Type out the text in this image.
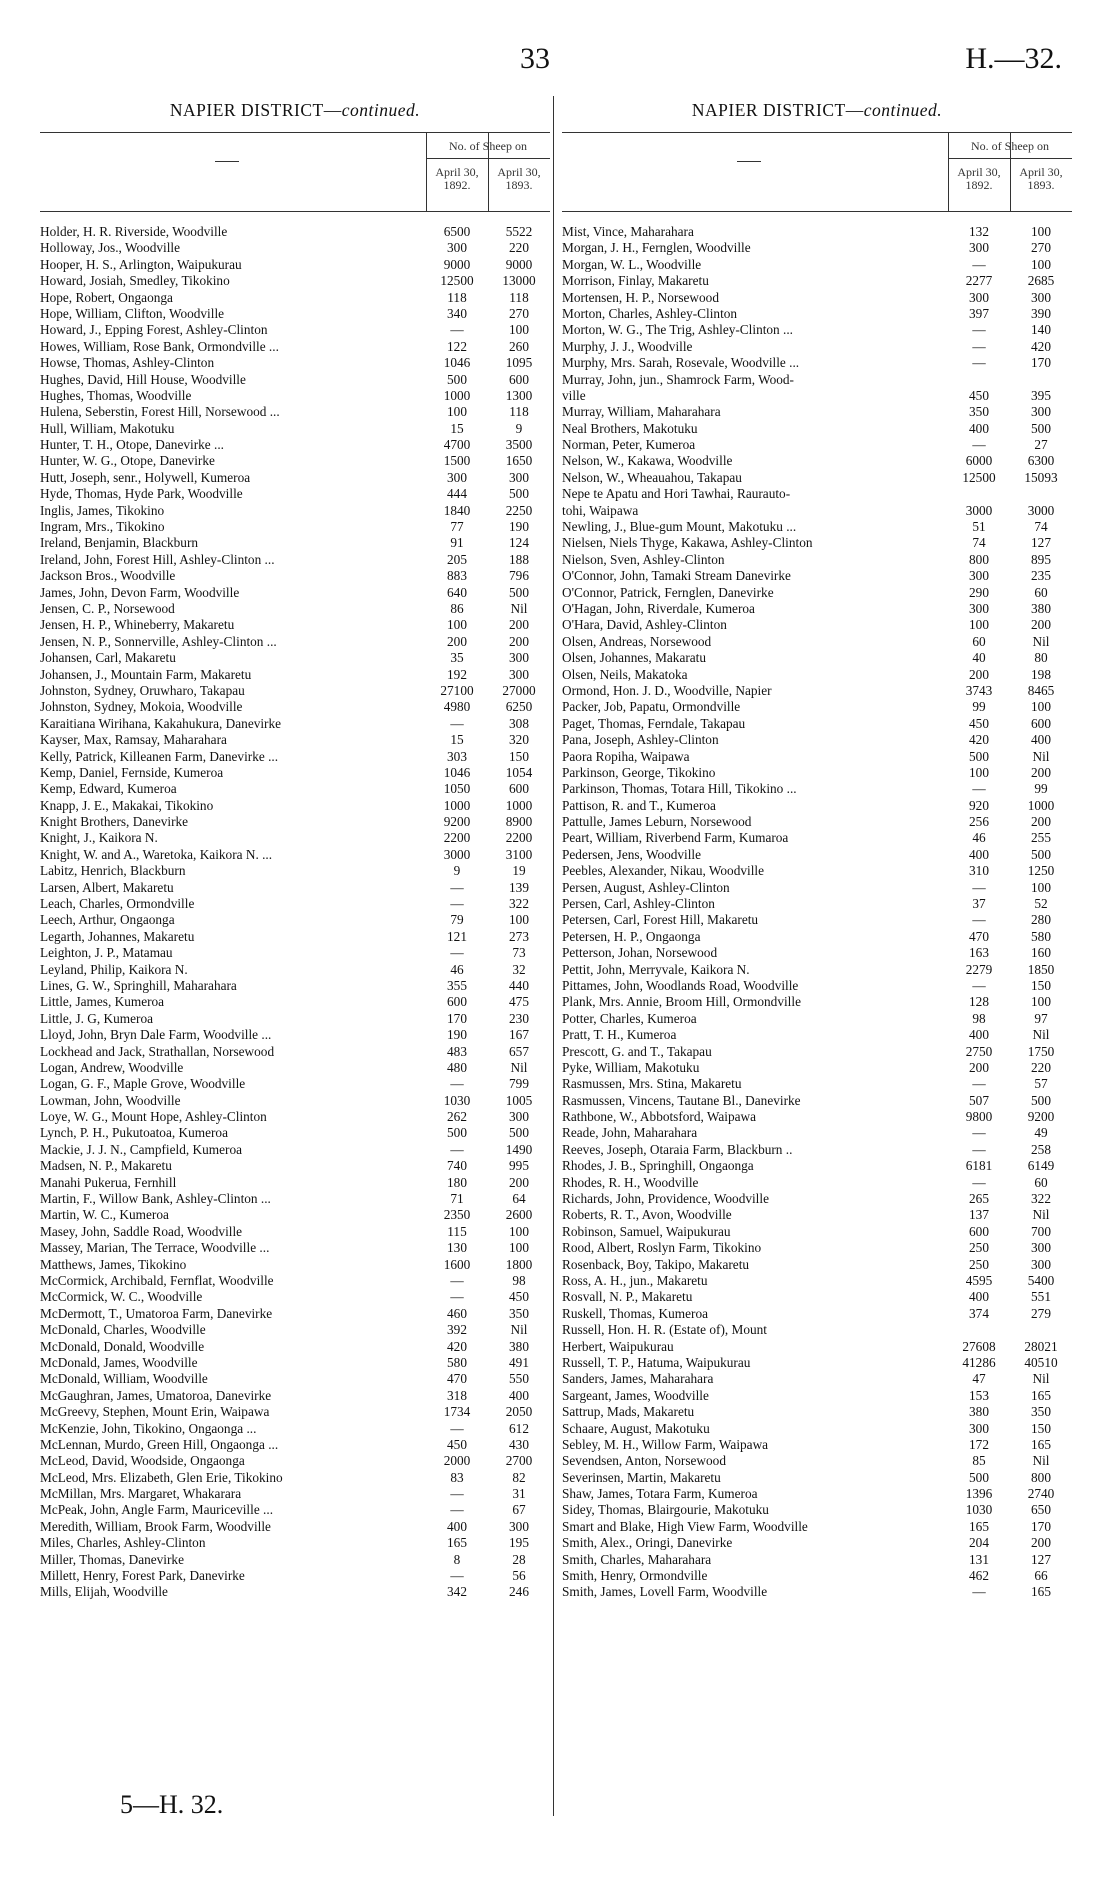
33	H.—32.
NAPIER DISTRICT—continued.
No. of Sheep on
April 30, 1892.
April 30, 1893.
Holder, H. R. Riverside, Woodville	6500	5522
Holloway, Jos., Woodville	300	220
Hooper, H. S., Arlington, Waipukurau	9000	9000
Howard, Josiah, Smedley, Tikokino	12500	13000
Hope, Robert, Ongaonga	118	118
Hope, William, Clifton, Woodville	340	270
Howard, J., Epping Forest, Ashley-Clinton	—	100
Howes, William, Rose Bank, Ormondville ...	122	260
Howse, Thomas, Ashley-Clinton	1046	1095
Hughes, David, Hill House, Woodville	500	600
Hughes, Thomas, Woodville	1000	1300
Hulena, Seberstin, Forest Hill, Norsewood ...	100	118
Hull, William, Makotuku	15	9
Hunter, T. H., Otope, Danevirke ...	4700	3500
Hunter, W. G., Otope, Danevirke	1500	1650
Hutt, Joseph, senr., Holywell, Kumeroa	300	300
Hyde, Thomas, Hyde Park, Woodville	444	500
Inglis, James, Tikokino	1840	2250
Ingram, Mrs., Tikokino	77	190
Ireland, Benjamin, Blackburn	91	124
Ireland, John, Forest Hill, Ashley-Clinton ...	205	188
Jackson Bros., Woodville	883	796
James, John, Devon Farm, Woodville	640	500
Jensen, C. P., Norsewood	86	Nil
Jensen, H. P., Whineberry, Makaretu	100	200
Jensen, N. P., Sonnerville, Ashley-Clinton ...	200	200
Johansen, Carl, Makaretu	35	300
Johansen, J., Mountain Farm, Makaretu	192	300
Johnston, Sydney, Oruwharo, Takapau	27100	27000
Johnston, Sydney, Mokoia, Woodville	4980	6250
Karaitiana Wirihana, Kakahukura, Danevirke	—	308
Kayser, Max, Ramsay, Maharahara	15	320
Kelly, Patrick, Killeanen Farm, Danevirke ...	303	150
Kemp, Daniel, Fernside, Kumeroa	1046	1054
Kemp, Edward, Kumeroa	1050	600
Knapp, J. E., Makakai, Tikokino	1000	1000
Knight Brothers, Danevirke	9200	8900
Knight, J., Kaikora N.	2200	2200
Knight, W. and A., Waretoka, Kaikora N. ...	3000	3100
Labitz, Henrich, Blackburn	9	19
Larsen, Albert, Makaretu	—	139
Leach, Charles, Ormondville	—	322
Leech, Arthur, Ongaonga	79	100
Legarth, Johannes, Makaretu	121	273
Leighton, J. P., Matamau	—	73
Leyland, Philip, Kaikora N.	46	32
Lines, G. W., Springhill, Maharahara	355	440
Little, James, Kumeroa	600	475
Little, J. G, Kumeroa	170	230
Lloyd, John, Bryn Dale Farm, Woodville ...	190	167
Lockhead and Jack, Strathallan, Norsewood	483	657
Logan, Andrew, Woodville	480	Nil
Logan, G. F., Maple Grove, Woodville	—	799
Lowman, John, Woodville	1030	1005
Loye, W. G., Mount Hope, Ashley-Clinton	262	300
Lynch, P. H., Pukutoatoa, Kumeroa	500	500
Mackie, J. J. N., Campfield, Kumeroa	—	1490
Madsen, N. P., Makaretu	740	995
Manahi Pukerua, Fernhill	180	200
Martin, F., Willow Bank, Ashley-Clinton ...	71	64
Martin, W. C., Kumeroa	2350	2600
Masey, John, Saddle Road, Woodville	115	100
Massey, Marian, The Terrace, Woodville ...	130	100
Matthews, James, Tikokino	1600	1800
McCormick, Archibald, Fernflat, Woodville	—	98
McCormick, W. C., Woodville	—	450
McDermott, T., Umatoroa Farm, Danevirke	460	350
McDonald, Charles, Woodville	392	Nil
McDonald, Donald, Woodville	420	380
McDonald, James, Woodville	580	491
McDonald, William, Woodville	470	550
McGaughran, James, Umatoroa, Danevirke	318	400
McGreevy, Stephen, Mount Erin, Waipawa	1734	2050
McKenzie, John, Tikokino, Ongaonga ...	—	612
McLennan, Murdo, Green Hill, Ongaonga ...	450	430
McLeod, David, Woodside, Ongaonga	2000	2700
McLeod, Mrs. Elizabeth, Glen Erie, Tikokino	83	82
McMillan, Mrs. Margaret, Whakarara	—	31
McPeak, John, Angle Farm, Mauriceville ...	—	67
Meredith, William, Brook Farm, Woodville	400	300
Miles, Charles, Ashley-Clinton	165	195
Miller, Thomas, Danevirke	8	28
Millett, Henry, Forest Park, Danevirke	—	56
Mills, Elijah, Woodville	342	246
NAPIER DISTRICT—continued.
No. of Sheep on
April 30, 1892.
April 30, 1893.
Mist, Vince, Maharahara	132	100
Morgan, J. H., Fernglen, Woodville	300	270
Morgan, W. L., Woodville	—	100
Morrison, Finlay, Makaretu	2277	2685
Mortensen, H. P., Norsewood	300	300
Morton, Charles, Ashley-Clinton	397	390
Morton, W. G., The Trig, Ashley-Clinton ...	—	140
Murphy, J. J., Woodville	—	420
Murphy, Mrs. Sarah, Rosevale, Woodville ...	—	170
Murray, John, jun., Shamrock Farm, Wood-
ville	450	395
Murray, William, Maharahara	350	300
Neal Brothers, Makotuku	400	500
Norman, Peter, Kumeroa	—	27
Nelson, W., Kakawa, Woodville	6000	6300
Nelson, W., Wheauahou, Takapau	12500	15093
Nepe te Apatu and Hori Tawhai, Raurauto-
tohi, Waipawa	3000	3000
Newling, J., Blue-gum Mount, Makotuku ...	51	74
Nielsen, Niels Thyge, Kakawa, Ashley-Clinton	74	127
Nielson, Sven, Ashley-Clinton	800	895
O'Connor, John, Tamaki Stream Danevirke	300	235
O'Connor, Patrick, Fernglen, Danevirke	290	60
O'Hagan, John, Riverdale, Kumeroa	300	380
O'Hara, David, Ashley-Clinton	100	200
Olsen, Andreas, Norsewood	60	Nil
Olsen, Johannes, Makaratu	40	80
Olsen, Neils, Makatoka	200	198
Ormond, Hon. J. D., Woodville, Napier	3743	8465
Packer, Job, Papatu, Ormondville	99	100
Paget, Thomas, Ferndale, Takapau	450	600
Pana, Joseph, Ashley-Clinton	420	400
Paora Ropiha, Waipawa	500	Nil
Parkinson, George, Tikokino	100	200
Parkinson, Thomas, Totara Hill, Tikokino ...	—	99
Pattison, R. and T., Kumeroa	920	1000
Pattulle, James Leburn, Norsewood	256	200
Peart, William, Riverbend Farm, Kumaroa	46	255
Pedersen, Jens, Woodville	400	500
Peebles, Alexander, Nikau, Woodville	310	1250
Persen, August, Ashley-Clinton	—	100
Persen, Carl, Ashley-Clinton	37	52
Petersen, Carl, Forest Hill, Makaretu	—	280
Petersen, H. P., Ongaonga	470	580
Petterson, Johan, Norsewood	163	160
Pettit, John, Merryvale, Kaikora N.	2279	1850
Pittames, John, Woodlands Road, Woodville	—	150
Plank, Mrs. Annie, Broom Hill, Ormondville	128	100
Potter, Charles, Kumeroa	98	97
Pratt, T. H., Kumeroa	400	Nil
Prescott, G. and T., Takapau	2750	1750
Pyke, William, Makotuku	200	220
Rasmussen, Mrs. Stina, Makaretu	—	57
Rasmussen, Vincens, Tautane Bl., Danevirke	507	500
Rathbone, W., Abbotsford, Waipawa	9800	9200
Reade, John, Maharahara	—	49
Reeves, Joseph, Otaraia Farm, Blackburn ..	—	258
Rhodes, J. B., Springhill, Ongaonga	6181	6149
Rhodes, R. H., Woodville	—	60
Richards, John, Providence, Woodville	265	322
Roberts, R. T., Avon, Woodville	137	Nil
Robinson, Samuel, Waipukurau	600	700
Rood, Albert, Roslyn Farm, Tikokino	250	300
Rosenback, Boy, Takipo, Makaretu	250	300
Ross, A. H., jun., Makaretu	4595	5400
Rosvall, N. P., Makaretu	400	551
Ruskell, Thomas, Kumeroa	374	279
Russell, Hon. H. R. (Estate of), Mount
Herbert, Waipukurau	27608	28021
Russell, T. P., Hatuma, Waipukurau	41286	40510
Sanders, James, Maharahara	47	Nil
Sargeant, James, Woodville	153	165
Sattrup, Mads, Makaretu	380	350
Schaare, August, Makotuku	300	150
Sebley, M. H., Willow Farm, Waipawa	172	165
Sevendsen, Anton, Norsewood	85	Nil
Severinsen, Martin, Makaretu	500	800
Shaw, James, Totara Farm, Kumeroa	1396	2740
Sidey, Thomas, Blairgourie, Makotuku	1030	650
Smart and Blake, High View Farm, Woodville	165	170
Smith, Alex., Oringi, Danevirke	204	200
Smith, Charles, Maharahara	131	127
Smith, Henry, Ormondville	462	66
Smith, James, Lovell Farm, Woodville	—	165
5—H. 32.
